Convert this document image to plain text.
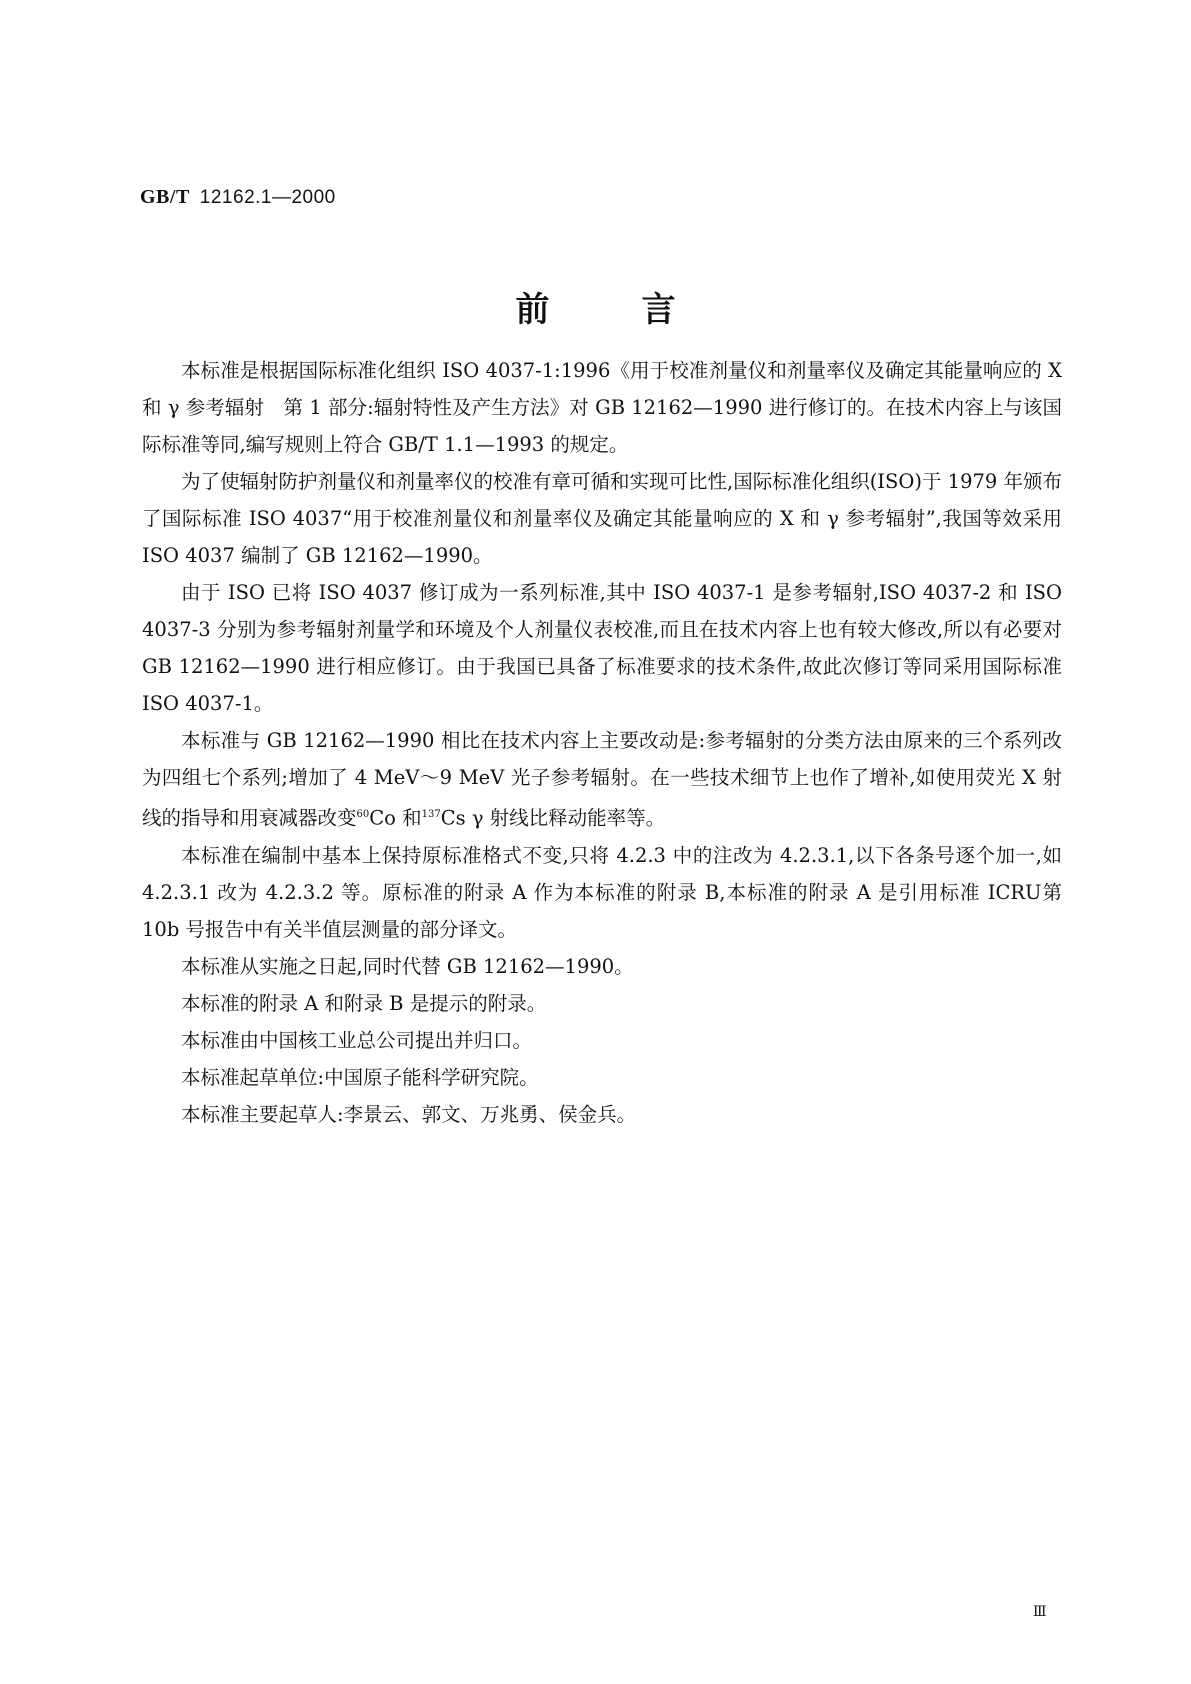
GB/T 12162.1—2000
前	言

本标准是根据国际标准化组织 ISO 4037-1:1996《用于校准剂量仪和剂量率仪及确定其能量响应的 X 和 γ 参考辐射　第 1 部分:辐射特性及产生方法》对 GB 12162—1990 进行修订的。在技术内容上与该国际标准等同,编写规则上符合 GB/T 1.1—1993 的规定。

为了使辐射防护剂量仪和剂量率仪的校准有章可循和实现可比性,国际标准化组织(ISO)于 1979 年颁布了国际标准 ISO 4037“用于校准剂量仪和剂量率仪及确定其能量响应的 X 和 γ 参考辐射”,我国等效采用 ISO 4037 编制了 GB 12162—1990。

由于 ISO 已将 ISO 4037 修订成为一系列标准,其中 ISO 4037-1 是参考辐射,ISO 4037-2 和 ISO 4037-3 分别为参考辐射剂量学和环境及个人剂量仪表校准,而且在技术内容上也有较大修改,所以有必要对 GB 12162—1990 进行相应修订。由于我国已具备了标准要求的技术条件,故此次修订等同采用国际标准 ISO 4037-1。

本标准与 GB 12162—1990 相比在技术内容上主要改动是:参考辐射的分类方法由原来的三个系列改为四组七个系列;增加了 4 MeV～9 MeV 光子参考辐射。在一些技术细节上也作了增补,如使用荧光 X 射线的指导和用衰减器改变$^{60}$Co 和$^{137}$Cs γ 射线比释动能率等。

本标准在编制中基本上保持原标准格式不变,只将 4.2.3 中的注改为 4.2.3.1,以下各条号逐个加一,如 4.2.3.1 改为 4.2.3.2 等。原标准的附录 A 作为本标准的附录 B,本标准的附录 A 是引用标准 ICRU第 10b 号报告中有关半值层测量的部分译文。

本标准从实施之日起,同时代替 GB 12162—1990。

本标准的附录 A 和附录 B 是提示的附录。

本标准由中国核工业总公司提出并归口。

本标准起草单位:中国原子能科学研究院。

本标准主要起草人:李景云、郭文、万兆勇、侯金兵。

Ⅲ
